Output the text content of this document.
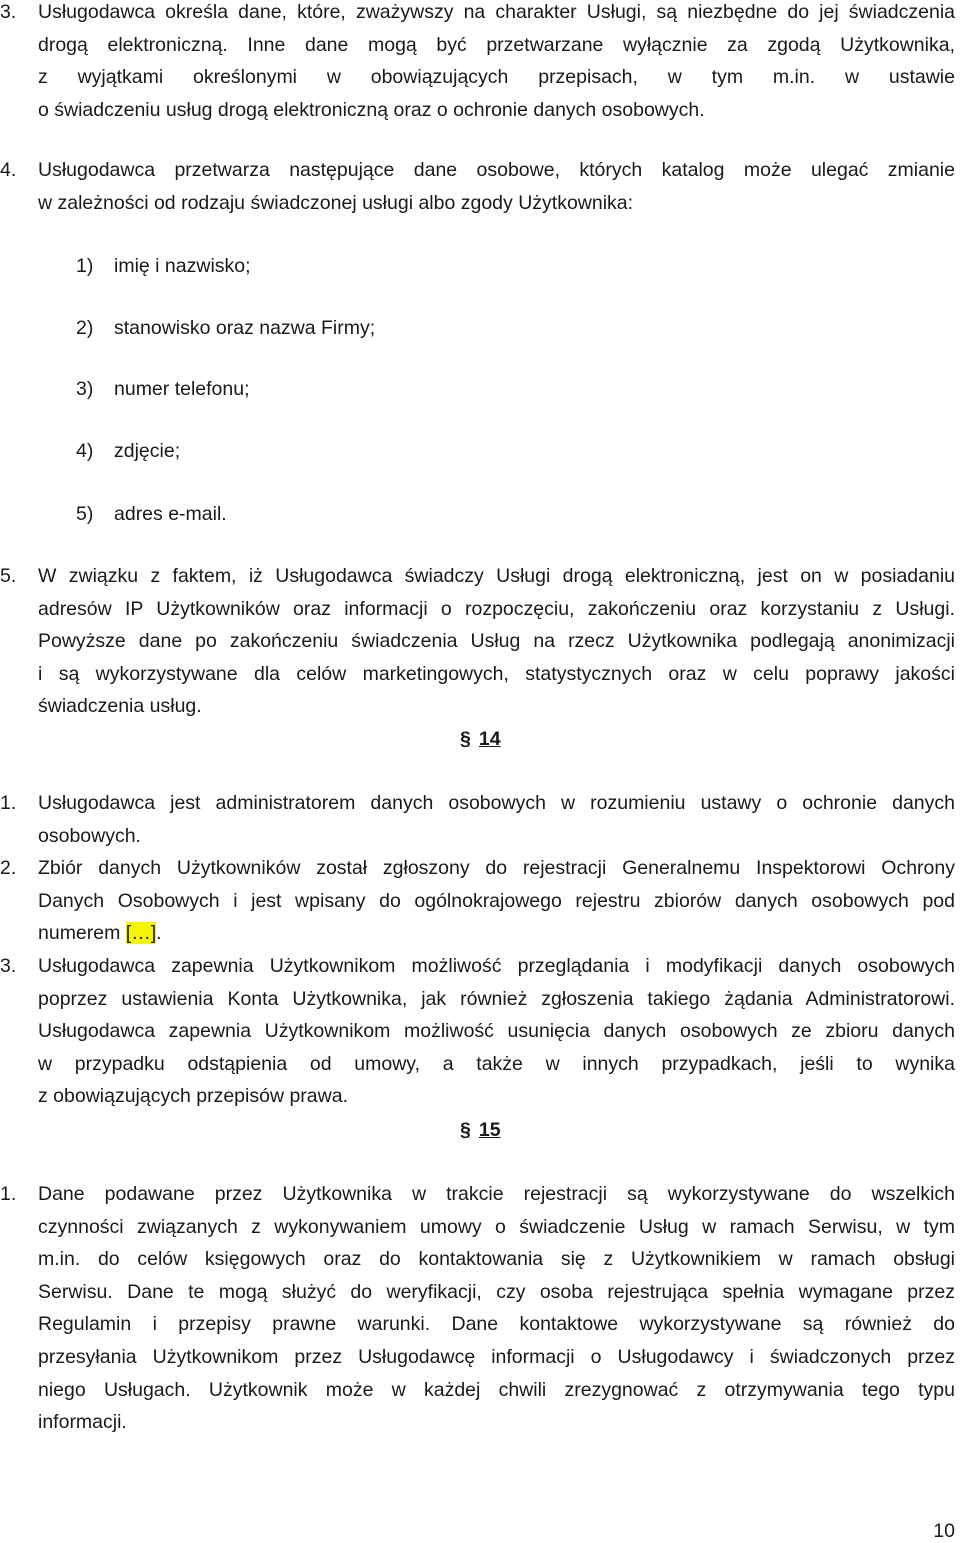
3.	Usługodawca określa dane, które, zważywszy na charakter Usługi, są niezbędne do jej świadczenia
drogą elektroniczną. Inne dane mogą być przetwarzane wyłącznie za zgodą Użytkownika,
z wyjątkami określonymi w obowiązujących przepisach, w tym m.in. w ustawie
o świadczeniu usług drogą elektroniczną oraz o ochronie danych osobowych.
4.	Usługodawca przetwarza następujące dane osobowe, których katalog może ulegać zmianie
w zależności od rodzaju świadczonej usługi albo zgody Użytkownika:
1) imię i nazwisko;
2) stanowisko oraz nazwa Firmy;
3) numer telefonu;
4) zdjęcie;
5) adres e-mail.
5.	W związku z faktem, iż Usługodawca świadczy Usługi drogą elektroniczną, jest on w posiadaniu
adresów IP Użytkowników oraz informacji o rozpoczęciu, zakończeniu oraz korzystaniu z Usługi.
Powyższe dane po zakończeniu świadczenia Usług na rzecz Użytkownika podlegają anonimizacji
i są wykorzystywane dla celów marketingowych, statystycznych oraz w celu poprawy jakości
świadczenia usług.
§ 14
1.	Usługodawca jest administratorem danych osobowych w rozumieniu ustawy o ochronie danych
osobowych.
2.	Zbiór danych Użytkowników został zgłoszony do rejestracji Generalnemu Inspektorowi Ochrony
Danych Osobowych i jest wpisany do ogólnokrajowego rejestru zbiorów danych osobowych pod
numerem […].
3.	Usługodawca zapewnia Użytkownikom możliwość przeglądania i modyfikacji danych osobowych
poprzez ustawienia Konta Użytkownika, jak również zgłoszenia takiego żądania Administratorowi.
Usługodawca zapewnia Użytkownikom możliwość usunięcia danych osobowych ze zbioru danych
w przypadku odstąpienia od umowy, a także w innych przypadkach, jeśli to wynika
z obowiązujących przepisów prawa.
§ 15
1.	Dane podawane przez Użytkownika w trakcie rejestracji są wykorzystywane do wszelkich
czynności związanych z wykonywaniem umowy o świadczenie Usług w ramach Serwisu, w tym
m.in. do celów księgowych oraz do kontaktowania się z Użytkownikiem w ramach obsługi
Serwisu. Dane te mogą służyć do weryfikacji, czy osoba rejestrująca spełnia wymagane przez
Regulamin i przepisy prawne warunki. Dane kontaktowe wykorzystywane są również do
przesyłania Użytkownikom przez Usługodawcę informacji o Usługodawcy i świadczonych przez
niego Usługach. Użytkownik może w każdej chwili zrezygnować z otrzymywania tego typu
informacji.
10
